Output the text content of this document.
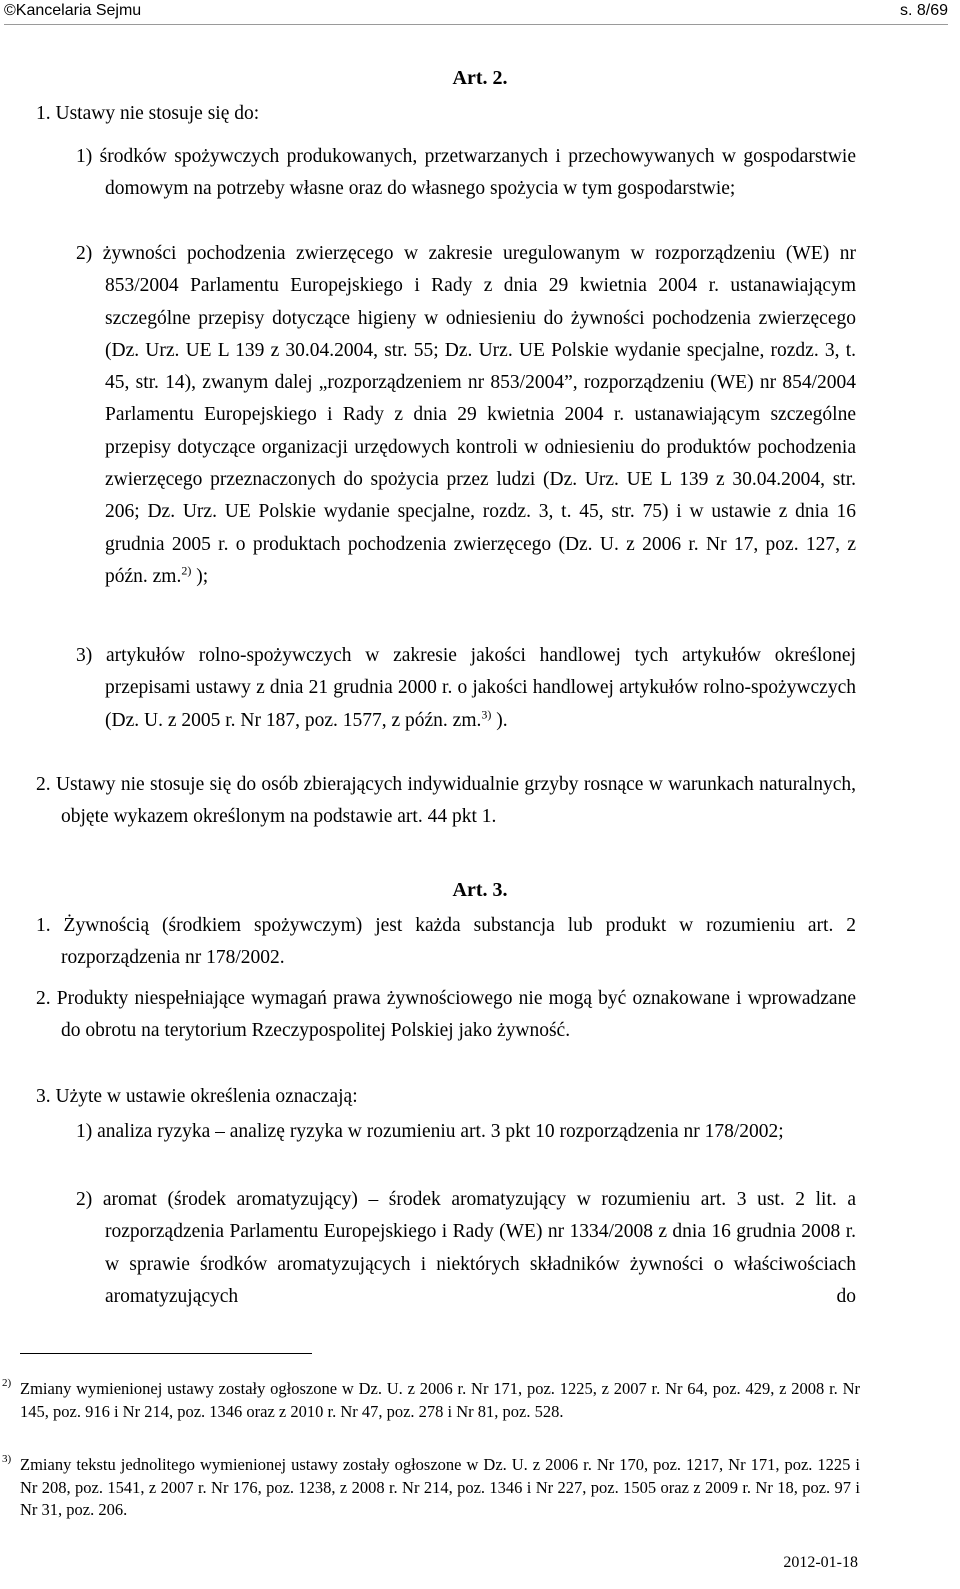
©Kancelaria Sejmu	s. 8/69
Art. 2.
1. Ustawy nie stosuje się do:
1) środków spożywczych produkowanych, przetwarzanych i przechowywanych w gospodarstwie domowym na potrzeby własne oraz do własnego spożycia w tym gospodarstwie;
2) żywności pochodzenia zwierzęcego w zakresie uregulowanym w rozporządzeniu (WE) nr 853/2004 Parlamentu Europejskiego i Rady z dnia 29 kwietnia 2004 r. ustanawiającym szczególne przepisy dotyczące higieny w odniesieniu do żywności pochodzenia zwierzęcego (Dz. Urz. UE L 139 z 30.04.2004, str. 55; Dz. Urz. UE Polskie wydanie specjalne, rozdz. 3, t. 45, str. 14), zwanym dalej „rozporządzeniem nr 853/2004”, rozporządzeniu (WE) nr 854/2004 Parlamentu Europejskiego i Rady z dnia 29 kwietnia 2004 r. ustanawiającym szczególne przepisy dotyczące organizacji urzędowych kontroli w odniesieniu do produktów pochodzenia zwierzęcego przeznaczonych do spożycia przez ludzi (Dz. Urz. UE L 139 z 30.04.2004, str. 206; Dz. Urz. UE Polskie wydanie specjalne, rozdz. 3, t. 45, str. 75) i w ustawie z dnia 16 grudnia 2005 r. o produktach pochodzenia zwierzęcego (Dz. U. z 2006 r. Nr 17, poz. 127, z późn. zm.$^{2)}$ );
3) artykułów rolno-spożywczych w zakresie jakości handlowej tych artykułów określonej przepisami ustawy z dnia 21 grudnia 2000 r. o jakości handlowej artykułów rolno-spożywczych (Dz. U. z 2005 r. Nr 187, poz. 1577, z późn. zm.$^{3)}$ ).
2. Ustawy nie stosuje się do osób zbierających indywidualnie grzyby rosnące w warunkach naturalnych, objęte wykazem określonym na podstawie art. 44 pkt 1.
Art. 3.
1. Żywnością (środkiem spożywczym) jest każda substancja lub produkt w rozumieniu art. 2 rozporządzenia nr 178/2002.
2. Produkty niespełniające wymagań prawa żywnościowego nie mogą być oznakowane i wprowadzane do obrotu na terytorium Rzeczypospolitej Polskiej jako żywność.
3. Użyte w ustawie określenia oznaczają:
1) analiza ryzyka – analizę ryzyka w rozumieniu art. 3 pkt 10 rozporządzenia nr 178/2002;
2) aromat (środek aromatyzujący) – środek aromatyzujący w rozumieniu art. 3 ust. 2 lit. a rozporządzenia Parlamentu Europejskiego i Rady (WE) nr 1334/2008 z dnia 16 grudnia 2008 r. w sprawie środków aromatyzujących i niektórych składników żywności o właściwościach aromatyzujących do
2) Zmiany wymienionej ustawy zostały ogłoszone w Dz. U. z 2006 r. Nr 171, poz. 1225, z 2007 r. Nr 64, poz. 429, z 2008 r. Nr 145, poz. 916 i Nr 214, poz. 1346 oraz z 2010 r. Nr 47, poz. 278 i Nr 81, poz. 528.
3) Zmiany tekstu jednolitego wymienionej ustawy zostały ogłoszone w Dz. U. z 2006 r. Nr 170, poz. 1217, Nr 171, poz. 1225 i Nr 208, poz. 1541, z 2007 r. Nr 176, poz. 1238, z 2008 r. Nr 214, poz. 1346 i Nr 227, poz. 1505 oraz z 2009 r. Nr 18, poz. 97 i Nr 31, poz. 206.
2012-01-18
